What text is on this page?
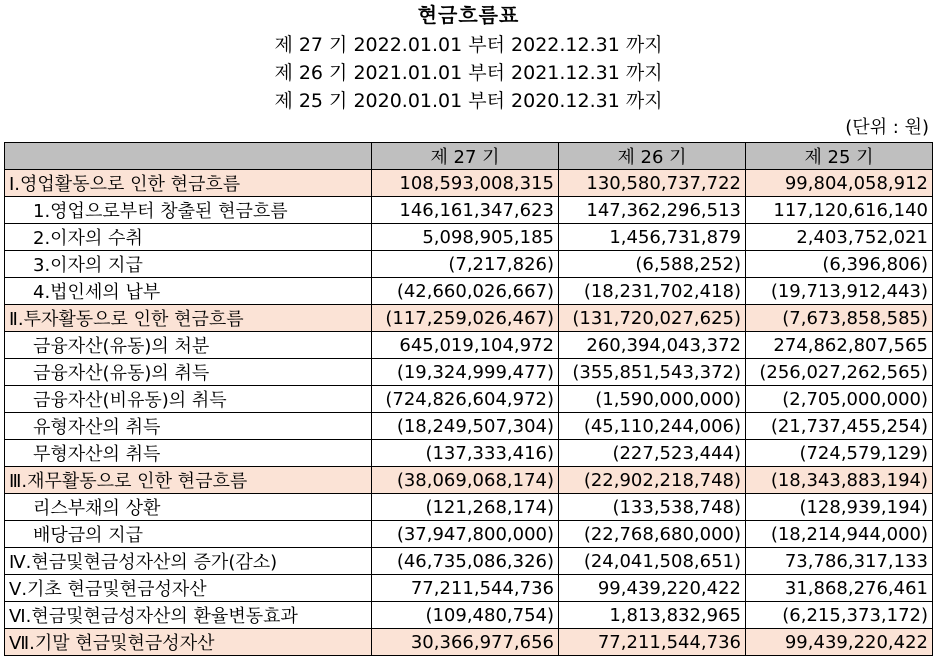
현금흐름표
제 27 기 2022.01.01 부터 2022.12.31 까지
제 26 기 2021.01.01 부터 2021.12.31 까지
제 25 기 2020.01.01 부터 2020.12.31 까지
(단위 : 원)
	제 27 기	제 26 기	제 25 기
Ⅰ.영업활동으로 인한 현금흐름	108,593,008,315	130,580,737,722	99,804,058,912
1.영업으로부터 창출된 현금흐름	146,161,347,623	147,362,296,513	117,120,616,140
2.이자의 수취	5,098,905,185	1,456,731,879	2,403,752,021
3.이자의 지급	(7,217,826)	(6,588,252)	(6,396,806)
4.법인세의 납부	(42,660,026,667)	(18,231,702,418)	(19,713,912,443)
Ⅱ.투자활동으로 인한 현금흐름	(117,259,026,467)	(131,720,027,625)	(7,673,858,585)
금융자산(유동)의 처분	645,019,104,972	260,394,043,372	274,862,807,565
금융자산(유동)의 취득	(19,324,999,477)	(355,851,543,372)	(256,027,262,565)
금융자산(비유동)의 취득	(724,826,604,972)	(1,590,000,000)	(2,705,000,000)
유형자산의 취득	(18,249,507,304)	(45,110,244,006)	(21,737,455,254)
무형자산의 취득	(137,333,416)	(227,523,444)	(724,579,129)
Ⅲ.재무활동으로 인한 현금흐름	(38,069,068,174)	(22,902,218,748)	(18,343,883,194)
리스부채의 상환	(121,268,174)	(133,538,748)	(128,939,194)
배당금의 지급	(37,947,800,000)	(22,768,680,000)	(18,214,944,000)
Ⅳ.현금및현금성자산의 증가(감소)	(46,735,086,326)	(24,041,508,651)	73,786,317,133
Ⅴ.기초 현금및현금성자산	77,211,544,736	99,439,220,422	31,868,276,461
Ⅵ.현금및현금성자산의 환율변동효과	(109,480,754)	1,813,832,965	(6,215,373,172)
Ⅶ.기말 현금및현금성자산	30,366,977,656	77,211,544,736	99,439,220,422
